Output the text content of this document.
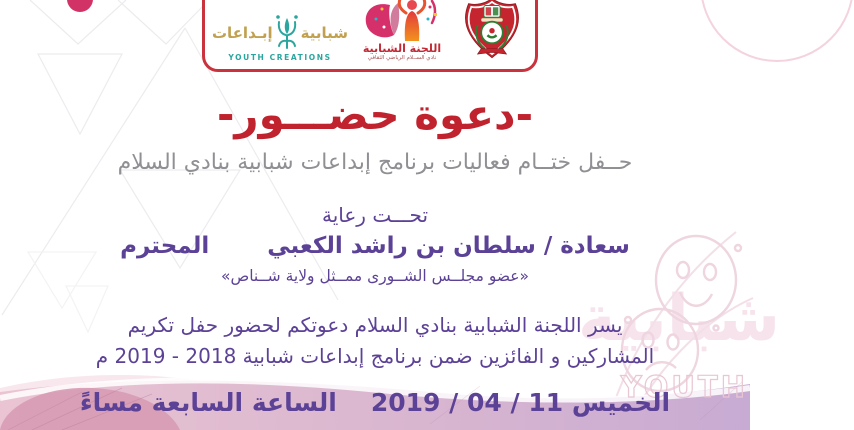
شبابية
YOUTH
إبـداعات شبابية
YOUTH CREATIONS
اللجنة الشبابية
نادي الســلام الرياضي الثقافي
-دعوة حضـــور-
حــفل ختــام فعاليات برنامج إبداعات شبابية بنادي السلام
تحـــت رعاية
سعادة / سلطان بن راشد الكعبي
المحترم
«عضو مجلــس الشــورى ممــثل ولاية شــناص»
يسر اللجنة الشبابية بنادي السلام دعوتكم لحضور حفل تكريم
المشاركين و الفائزين ضمن برنامج إبداعات شبابية 2018 - 2019 م
الخميس 11 / 04 / 2019
الساعة السابعة مساءً
